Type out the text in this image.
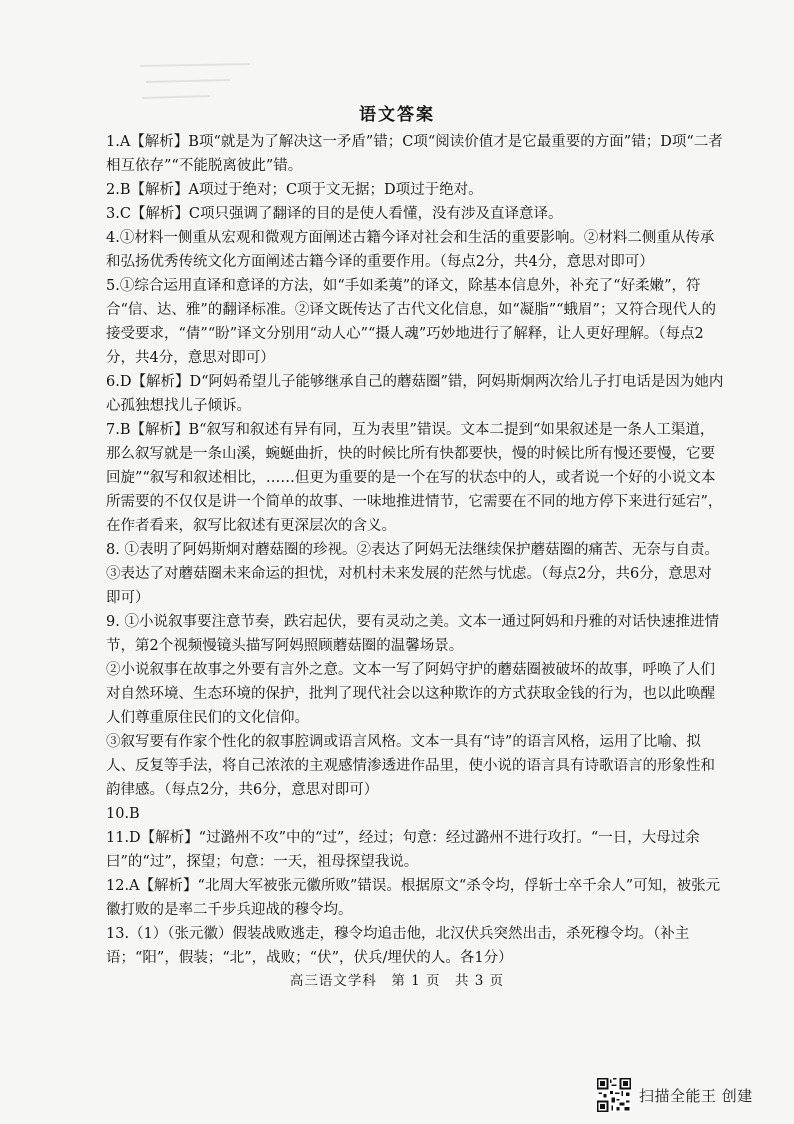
语文答案

1.A【解析】B项“就是为了解决这一矛盾”错；C项“阅读价值才是它最重要的方面”错；D项“二者相互依存”“不能脱离彼此”错。

2.B【解析】A项过于绝对；C项于文无据；D项过于绝对。

3.C【解析】C项只强调了翻译的目的是使人看懂，没有涉及直译意译。

4.①材料一侧重从宏观和微观方面阐述古籍今译对社会和生活的重要影响。②材料二侧重从传承和弘扬优秀传统文化方面阐述古籍今译的重要作用。（每点2分，共4分，意思对即可）

5.①综合运用直译和意译的方法，如“手如柔荑”的译文，除基本信息外，补充了“好柔嫩”，符合“信、达、雅”的翻译标准。②译文既传达了古代文化信息，如“凝脂”“蛾眉”；又符合现代人的接受要求，“倩”“盼”译文分别用“动人心”“摄人魂”巧妙地进行了解释，让人更好理解。（每点2分，共4分，意思对即可）

6.D【解析】D“阿妈希望儿子能够继承自己的蘑菇圈”错，阿妈斯炯两次给儿子打电话是因为她内心孤独想找儿子倾诉。

7.B【解析】B“叙写和叙述有异有同，互为表里”错误。文本二提到“如果叙述是一条人工渠道，那么叙写就是一条山溪，蜿蜒曲折，快的时候比所有快都要快，慢的时候比所有慢还要慢，它要回旋”“叙写和叙述相比，……但更为重要的是一个在写的状态中的人，或者说一个好的小说文本所需要的不仅仅是讲一个简单的故事、一味地推进情节，它需要在不同的地方停下来进行延宕”，在作者看来，叙写比叙述有更深层次的含义。

8. ①表明了阿妈斯炯对蘑菇圈的珍视。②表达了阿妈无法继续保护蘑菇圈的痛苦、无奈与自责。③表达了对蘑菇圈未来命运的担忧，对机村未来发展的茫然与忧虑。（每点2分，共6分，意思对即可）

9. ①小说叙事要注意节奏，跌宕起伏，要有灵动之美。文本一通过阿妈和丹雅的对话快速推进情节，第2个视频慢镜头描写阿妈照顾蘑菇圈的温馨场景。

②小说叙事在故事之外要有言外之意。文本一写了阿妈守护的蘑菇圈被破坏的故事，呼唤了人们对自然环境、生态环境的保护，批判了现代社会以这种欺诈的方式获取金钱的行为，也以此唤醒人们尊重原住民们的文化信仰。

③叙写要有作家个性化的叙事腔调或语言风格。文本一具有“诗”的语言风格，运用了比喻、拟人、反复等手法，将自己浓浓的主观感情渗透进作品里，使小说的语言具有诗歌语言的形象性和韵律感。（每点2分，共6分，意思对即可）

10.B

11.D【解析】“过潞州不攻”中的“过”，经过；句意：经过潞州不进行攻打。“一日，大母过余曰”的“过”，探望；句意：一天，祖母探望我说。

12.A【解析】“北周大军被张元徽所败”错误。根据原文“杀令均，俘斩士卒千余人”可知，被张元徽打败的是率二千步兵迎战的穆令均。

13.（1）（张元徽）假装战败逃走，穆令均追击他，北汉伏兵突然出击，杀死穆令均。（补主语；“阳”，假装；“北”，战败；“伏”，伏兵/埋伏的人。各1分）

高三语文学科　第 1 页　共 3 页
扫描全能王 创建
